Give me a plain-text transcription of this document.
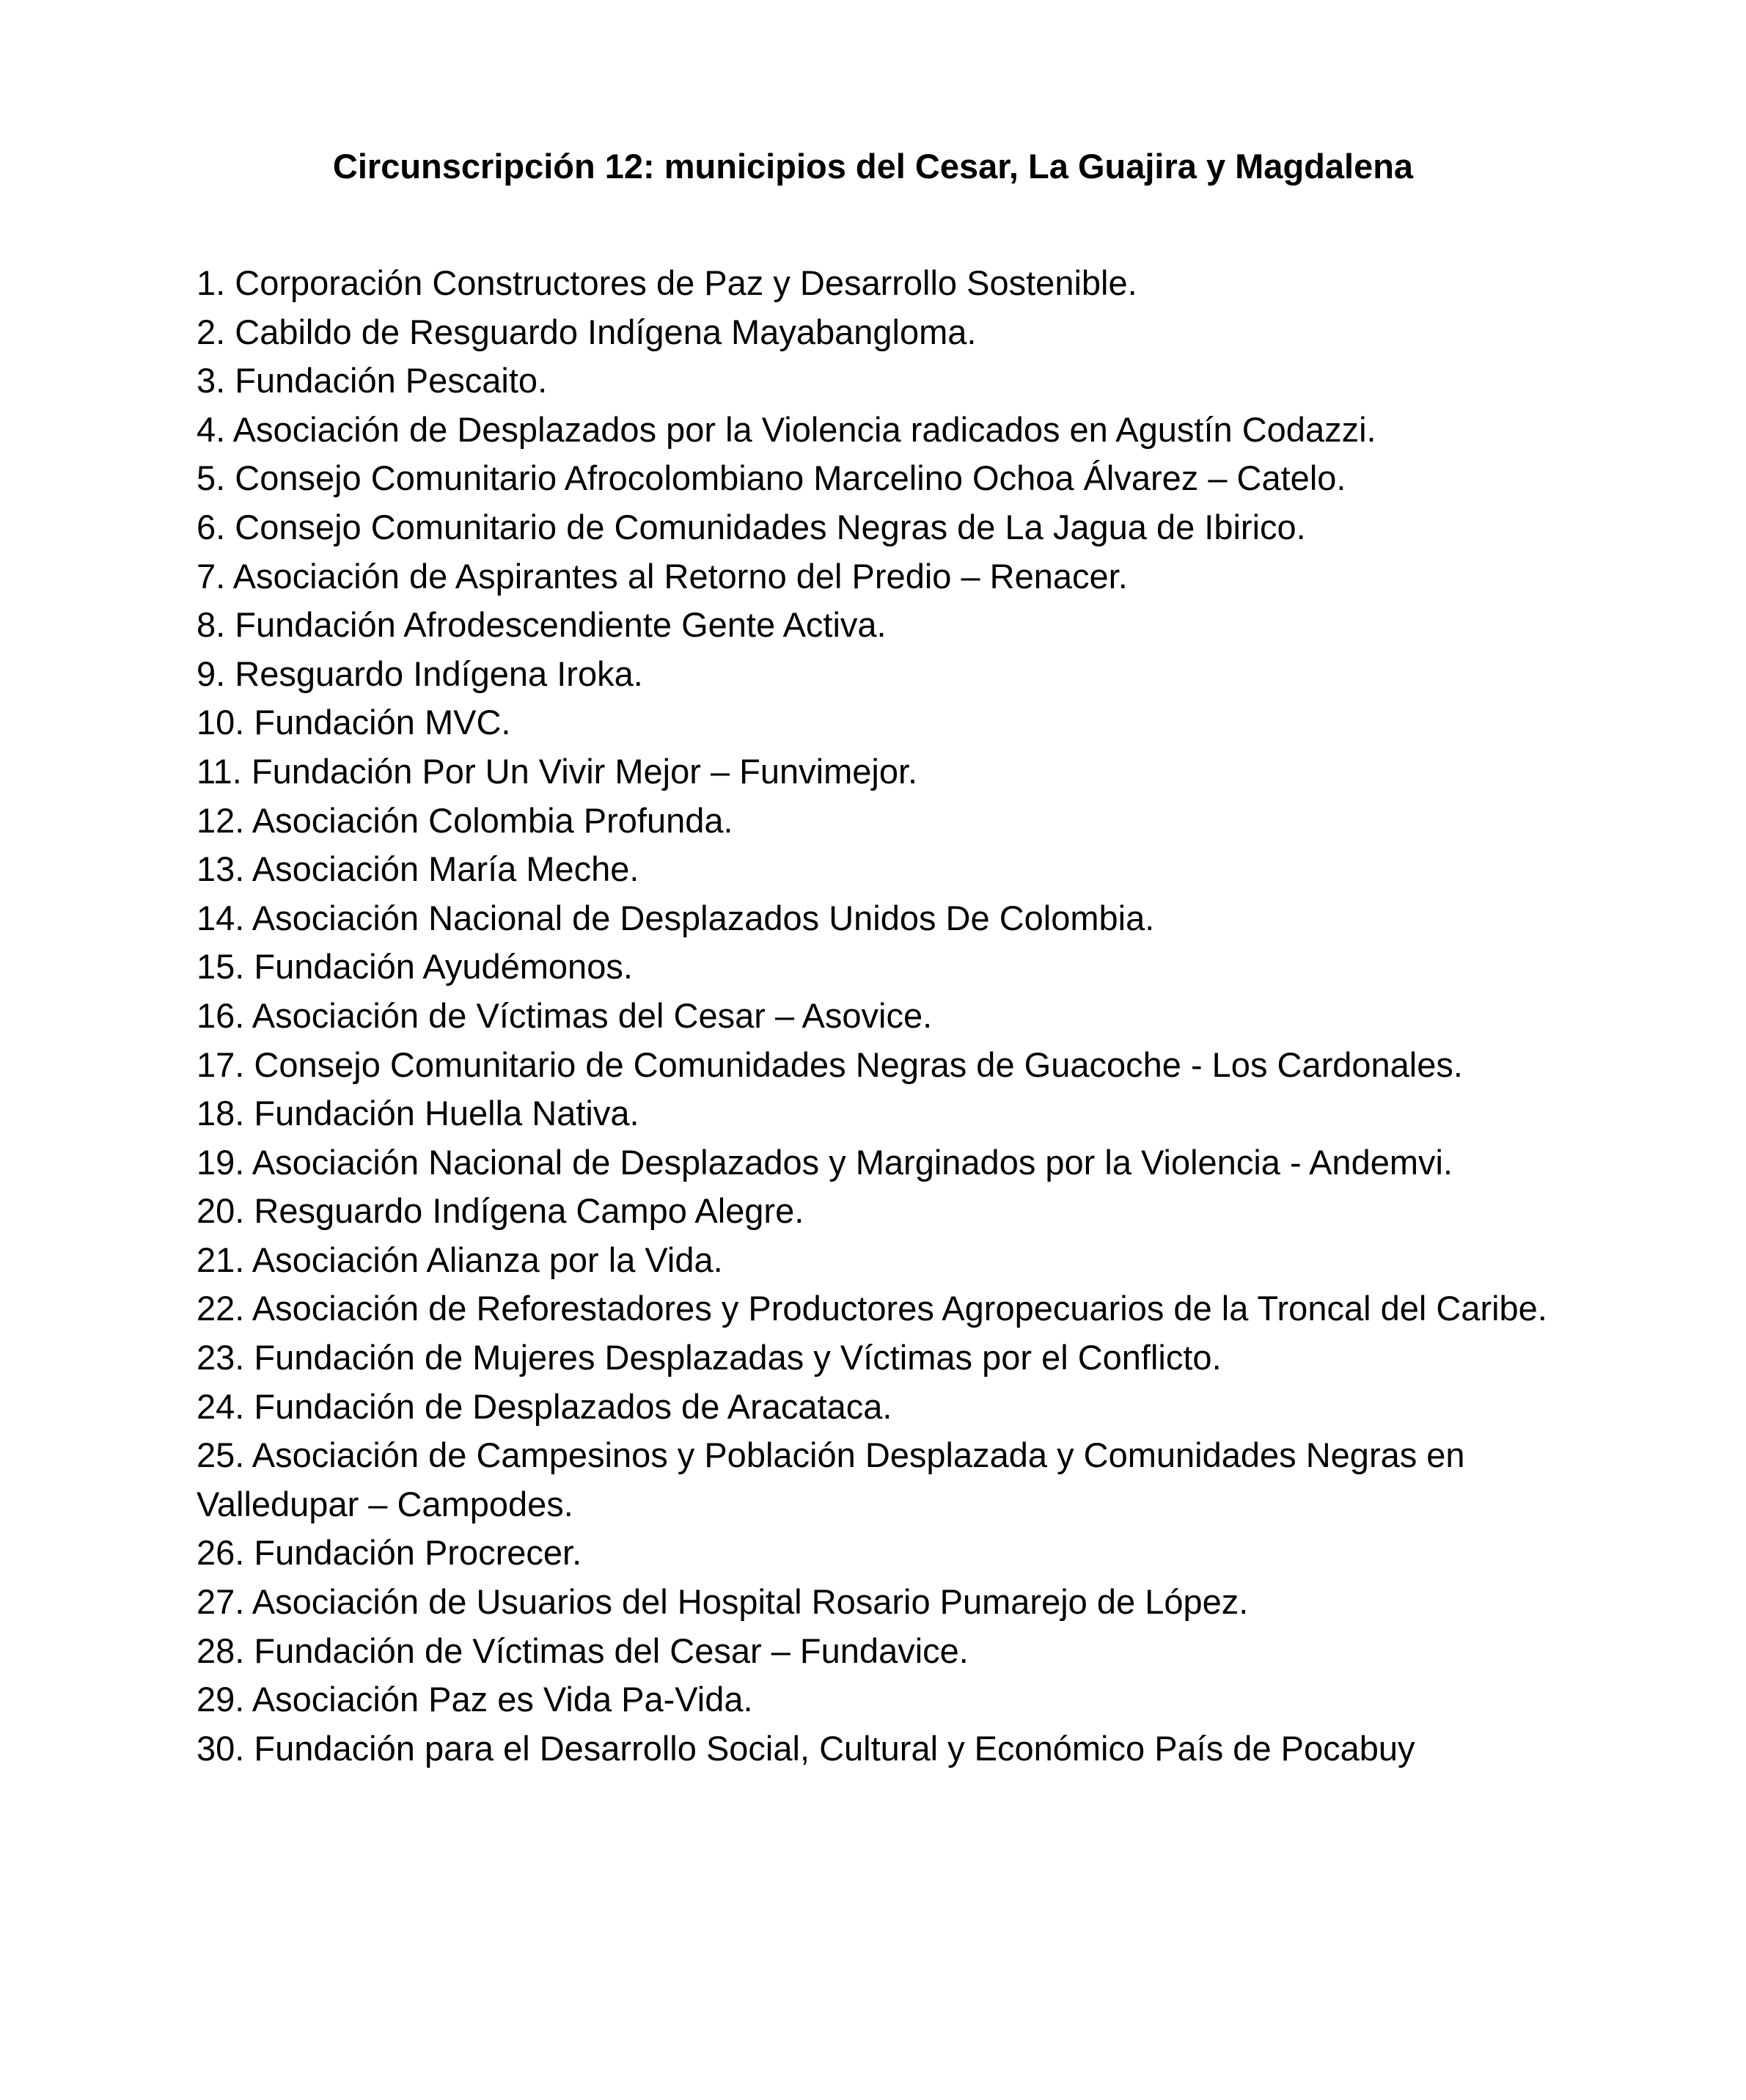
Circunscripción 12: municipios del Cesar, La Guajira y Magdalena
1. Corporación Constructores de Paz y Desarrollo Sostenible.
2. Cabildo de Resguardo Indígena Mayabangloma.
3. Fundación Pescaito.
4. Asociación de Desplazados por la Violencia radicados en Agustín Codazzi.
5. Consejo Comunitario Afrocolombiano Marcelino Ochoa Álvarez – Catelo.
6. Consejo Comunitario de Comunidades Negras de La Jagua de Ibirico.
7. Asociación de Aspirantes al Retorno del Predio – Renacer.
8. Fundación Afrodescendiente Gente Activa.
9. Resguardo Indígena Iroka.
10. Fundación MVC.
11. Fundación Por Un Vivir Mejor – Funvimejor.
12. Asociación Colombia Profunda.
13. Asociación María Meche.
14. Asociación Nacional de Desplazados Unidos De Colombia.
15. Fundación Ayudémonos.
16. Asociación de Víctimas del Cesar – Asovice.
17. Consejo Comunitario de Comunidades Negras de Guacoche - Los Cardonales.
18. Fundación Huella Nativa.
19. Asociación Nacional de Desplazados y Marginados por la Violencia - Andemvi.
20. Resguardo Indígena Campo Alegre.
21. Asociación Alianza por la Vida.
22. Asociación de Reforestadores y Productores Agropecuarios de la Troncal del Caribe.
23. Fundación de Mujeres Desplazadas y Víctimas por el Conflicto.
24. Fundación de Desplazados de Aracataca.
25. Asociación de Campesinos y Población Desplazada y Comunidades Negras en Valledupar – Campodes.
26. Fundación Procrecer.
27. Asociación de Usuarios del Hospital Rosario Pumarejo de López.
28. Fundación de Víctimas del Cesar – Fundavice.
29. Asociación Paz es Vida Pa-Vida.
30. Fundación para el Desarrollo Social, Cultural y Económico País de Pocabuy
